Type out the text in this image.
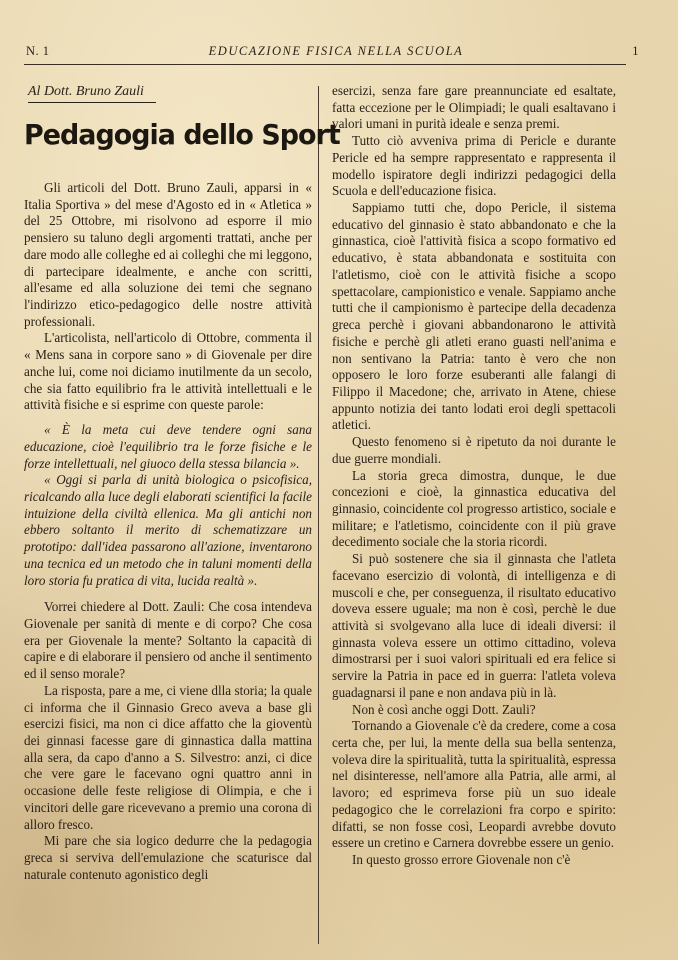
N. 1	EDUCAZIONE FISICA NELLA SCUOLA	1
Al Dott. Bruno Zauli
Pedagogia dello Sport

Gli articoli del Dott. Bruno Zauli, apparsi in « Italia Sportiva » del mese d'Agosto ed in « Atletica » del 25 Ottobre, mi risolvono ad esporre il mio pensiero su taluno degli argomenti trattati, anche per dare modo alle colleghe ed ai colleghi che mi leggono, di partecipare idealmente, e anche con scritti, all'esame ed alla soluzione dei temi che segnano l'indirizzo etico-pedagogico delle nostre attività professionali.

L'articolista, nell'articolo di Ottobre, commenta il « Mens sana in corpore sano » di Giovenale per dire anche lui, come noi diciamo inutilmente da un secolo, che sia fatto equilibrio fra le attività intellettuali e le attività fisiche e si esprime con queste parole:

« È la meta cui deve tendere ogni sana educazione, cioè l'equilibrio tra le forze fisiche e le forze intellettuali, nel giuoco della stessa bilancia ».

« Oggi si parla di unità biologica o psicofisica, ricalcando alla luce degli elaborati scientifici la facile intuizione della civiltà ellenica. Ma gli antichi non ebbero soltanto il merito di schematizzare un prototipo: dall'idea passarono all'azione, inventarono una tecnica ed un metodo che in taluni momenti della loro storia fu pratica di vita, lucida realtà ».

Vorrei chiedere al Dott. Zauli: Che cosa intendeva Giovenale per sanità di mente e di corpo? Che cosa era per Giovenale la mente? Soltanto la capacità di capire e di elaborare il pensiero od anche il sentimento ed il senso morale?

La risposta, pare a me, ci viene dlla storia; la quale ci informa che il Ginnasio Greco aveva a base gli esercizi fisici, ma non ci dice affatto che la gioventù dei ginnasi facesse gare di ginnastica dalla mattina alla sera, da capo d'anno a S. Silvestro: anzi, ci dice che vere gare le facevano ogni quattro anni in occasione delle feste religiose di Olimpia, e che i vincitori delle gare ricevevano a premio una corona di alloro fresco.

Mi pare che sia logico dedurre che la pedagogia greca si serviva dell'emulazione che scaturisce dal naturale contenuto agonistico degli

esercizi, senza fare gare preannunciate ed esaltate, fatta eccezione per le Olimpiadi; le quali esaltavano i valori umani in purità ideale e senza premi.

Tutto ciò avveniva prima di Pericle e durante Pericle ed ha sempre rappresentato e rappresenta il modello ispiratore degli indirizzi pedagogici della Scuola e dell'educazione fisica.

Sappiamo tutti che, dopo Pericle, il sistema educativo del ginnasio è stato abbandonato e che la ginnastica, cioè l'attività fisica a scopo formativo ed educativo, è stata abbandonata e sostituita con l'atletismo, cioè con le attività fisiche a scopo spettacolare, campionistico e venale. Sappiamo anche tutti che il campionismo è partecipe della decadenza greca perchè i giovani abbandonarono le attività fisiche e perchè gli atleti erano guasti nell'anima e non sentivano la Patria: tanto è vero che non opposero le loro forze esuberanti alle falangi di Filippo il Macedone; che, arrivato in Atene, chiese appunto notizia dei tanto lodati eroi degli spettacoli atletici.

Questo fenomeno si è ripetuto da noi durante le due guerre mondiali.

La storia greca dimostra, dunque, le due concezioni e cioè, la ginnastica educativa del ginnasio, coincidente col progresso artistico, sociale e militare; e l'atletismo, coincidente con il più grave decedimento sociale che la storia ricordi.

Si può sostenere che sia il ginnasta che l'atleta facevano esercizio di volontà, di intelligenza e di muscoli e che, per conseguenza, il risultato educativo doveva essere uguale; ma non è così, perchè le due attività si svolgevano alla luce di ideali diversi: il ginnasta voleva essere un ottimo cittadino, voleva dimostrarsi per i suoi valori spirituali ed era felice si servire la Patria in pace ed in guerra: l'atleta voleva guadagnarsi il pane e non andava più in là.

Non è così anche oggi Dott. Zauli?

Tornando a Giovenale c'è da credere, come a cosa certa che, per lui, la mente della sua bella sentenza, voleva dire la spiritualità, tutta la spiritualità, espressa nel disinteresse, nell'amore alla Patria, alle armi, al lavoro; ed esprimeva forse più un suo ideale pedagogico che le correlazioni fra corpo e spirito: difatti, se non fosse così, Leopardi avrebbe dovuto essere un cretino e Carnera dovrebbe essere un genio.

In questo grosso errore Giovenale non c'è
